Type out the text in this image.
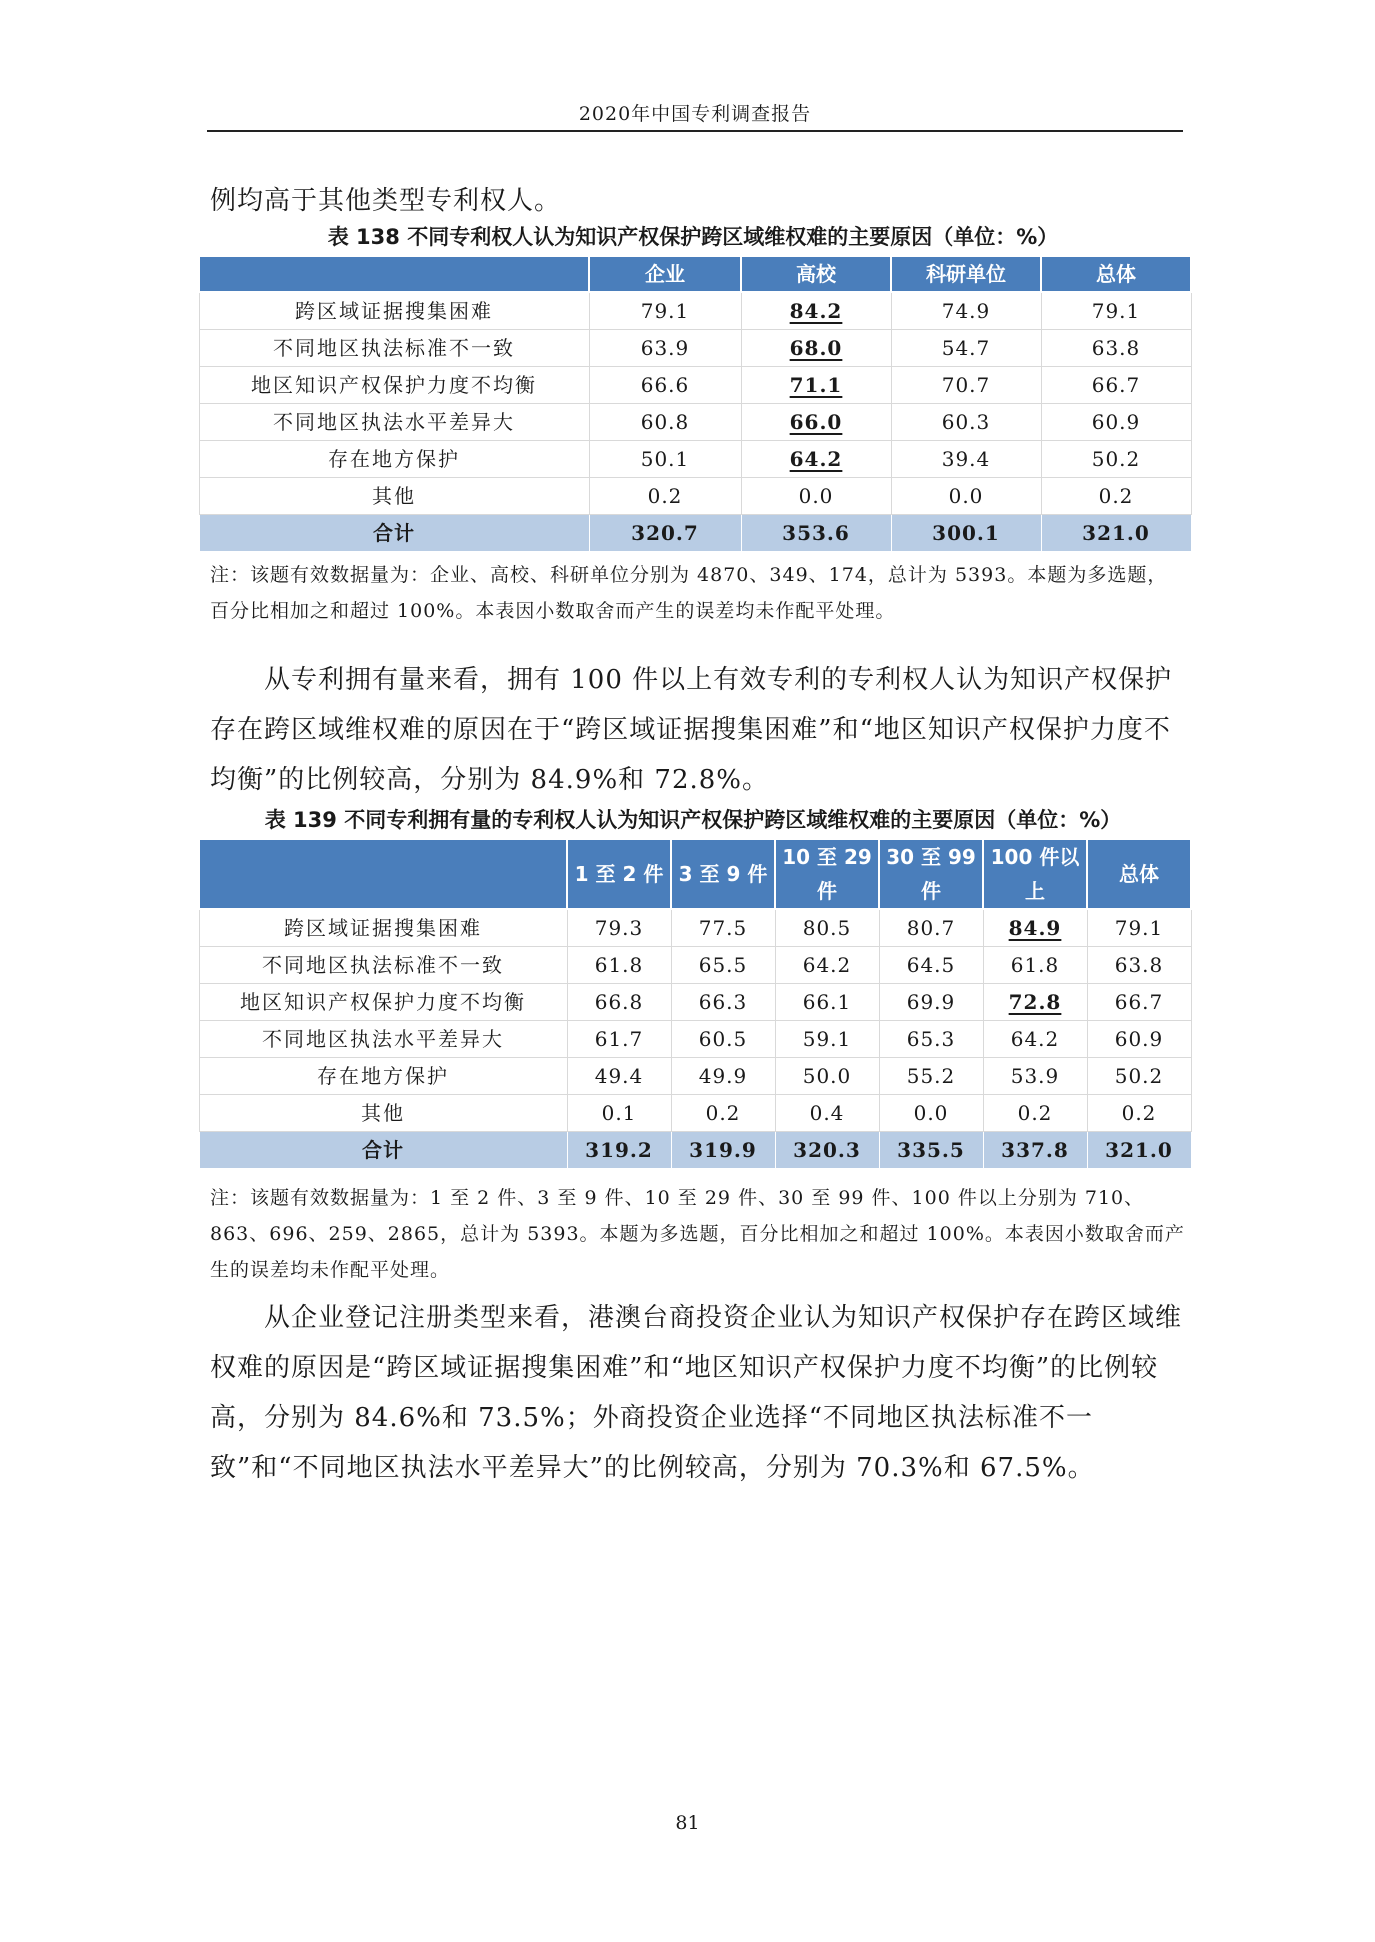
2020年中国专利调查报告

例均高于其他类型专利权人。

表 138 不同专利权人认为知识产权保护跨区域维权难的主要原因（单位：%）

	企业	高校	科研单位	总体
跨区域证据搜集困难	79.1	84.2	74.9	79.1
不同地区执法标准不一致	63.9	68.0	54.7	63.8
地区知识产权保护力度不均衡	66.6	71.1	70.7	66.7
不同地区执法水平差异大	60.8	66.0	60.3	60.9
存在地方保护	50.1	64.2	39.4	50.2
其他	0.2	0.0	0.0	0.2
合计	320.7	353.6	300.1	321.0

注：该题有效数据量为：企业、高校、科研单位分别为 4870、349、174，总计为 5393。本题为多选题，百分比相加之和超过 100%。本表因小数取舍而产生的误差均未作配平处理。

从专利拥有量来看，拥有 100 件以上有效专利的专利权人认为知识产权保护存在跨区域维权难的原因在于“跨区域证据搜集困难”和“地区知识产权保护力度不均衡”的比例较高，分别为 84.9%和 72.8%。

表 139 不同专利拥有量的专利权人认为知识产权保护跨区域维权难的主要原因（单位：%）

	1 至 2 件	3 至 9 件	10 至 29 件	30 至 99 件	100 件以上	总体
跨区域证据搜集困难	79.3	77.5	80.5	80.7	84.9	79.1
不同地区执法标准不一致	61.8	65.5	64.2	64.5	61.8	63.8
地区知识产权保护力度不均衡	66.8	66.3	66.1	69.9	72.8	66.7
不同地区执法水平差异大	61.7	60.5	59.1	65.3	64.2	60.9
存在地方保护	49.4	49.9	50.0	55.2	53.9	50.2
其他	0.1	0.2	0.4	0.0	0.2	0.2
合计	319.2	319.9	320.3	335.5	337.8	321.0

注：该题有效数据量为：1 至 2 件、3 至 9 件、10 至 29 件、30 至 99 件、100 件以上分别为 710、863、696、259、2865，总计为 5393。本题为多选题，百分比相加之和超过 100%。本表因小数取舍而产生的误差均未作配平处理。

从企业登记注册类型来看，港澳台商投资企业认为知识产权保护存在跨区域维权难的原因是“跨区域证据搜集困难”和“地区知识产权保护力度不均衡”的比例较高，分别为 84.6%和 73.5%；外商投资企业选择“不同地区执法标准不一致”和“不同地区执法水平差异大”的比例较高，分别为 70.3%和 67.5%。

81
